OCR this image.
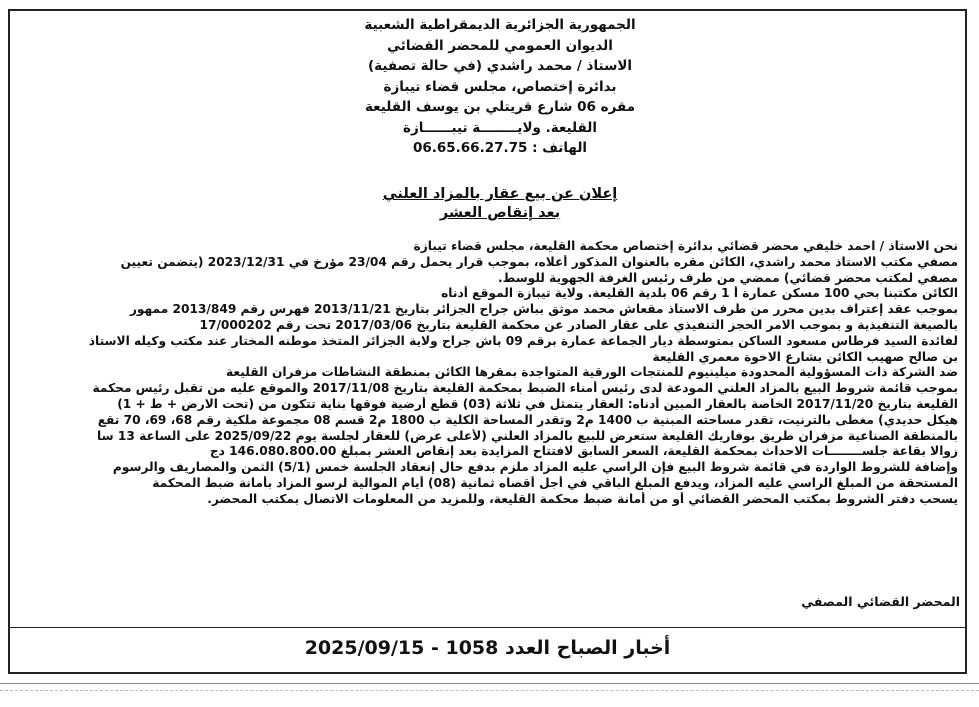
الجمهورية الجزائرية الديمقراطية الشعبية
الديوان العمومي للمحضر القضائي
الاستاذ / محمد راشدي (في حالة تصفية)
بدائرة إختصاص، مجلس قضاء تيبازة
مقره 06 شارع قريتلي بن يوسف القليعة
القليعة. ولايــــــــة تيبــــــازة
الهاتف : 06.65.66.27.75
إعلان عن بيع عقار بالمزاد العلني
بعد إنقاص العشر
نحن الاستاذ / احمد خليفي محضر قضائي بدائرة إختصاص محكمة القليعة، مجلس قضاء تيبازة
مصفي مكتب الاستاذ محمد راشدي، الكائن مقره بالعنوان المذكور أعلاه، بموجب قرار يحمل رقم 23/04 مؤرخ في 2023/12/31 (يتضمن تعيين
مصفي لمكتب محضر قضائي) ممضي من طرف رئيس الغرفة الجهوية للوسط.
الكائن مكتبنا بحي 100 مسكن عمارة أ 1 رقم 06 بلدية القليعة. ولاية تيبازة الموقع أدناه
بموجب عقد إعتراف بدين محرر من طرف الاستاذ مقعاش محمد موثق بباش جراح الجزائر بتاريخ 2013/11/21 فهرس رقم 2013/849 ممهور
بالصيغة التنفيذية و بموجب الامر الحجز التنفيذي على عقار الصادر عن محكمة القليعة بتاريخ 2017/03/06 تحت رقم 17/000202
لفائدة السيد فرطاس مسعود الساكن بمتوسطة ديار الجماعة عمارة برقم 09 باش جراح ولاية الجزائر المتخذ موطنه المختار عند مكتب وكيله الاستاذ
بن صالح صهيب الكائن بشارع الاخوة معمري القليعة
ضد الشركة ذات المسؤولية المحدودة ميلينيوم للمنتجات الورقية المتواجدة بمقرها الكائن بمنطقة النشاطات مزفران القليعة
بموجب قائمة شروط البيع بالمزاد العلني المودعة لدى رئيس أمناء الضبط بمحكمة القليعة بتاريخ 2017/11/08 والموقع عليه من تقبل رئيس محكمة
القليعة بتاريخ 2017/11/20 الخاصة بالعقار المبين أدناه: العقار يتمثل في ثلاثة (03) قطع أرضية فوقها بناية تتكون من (تحت الارض + ط + 1)
هيكل حديدي) مغطى بالترنيت، تقدر مساحته المبنية ب 1400 م2 وتقدر المساحة الكلية ب 1800 م2 قسم 08 مجموعة ملكية رقم 68، 69، 70 تقع
بالمنطقة الصناعية مزفران طريق بوفاريك القليعة ستعرض للبيع بالمزاد العلني (لأعلى عرض) للعقار لجلسة يوم 2025/09/22 على الساعة 13 سا
زوالا بقاعة جلســــــــات الاحداث بمحكمة القليعة، السعر السابق لافتتاح المزايدة بعد إنقاص العشر بمبلغ 146.080.800.00 دج
وإضافة للشروط الواردة في قائمة شروط البيع فإن الراسي عليه المزاد ملزم بدفع حال إنعقاد الجلسة خمس (5/1) الثمن والمصاريف والرسوم
المستحقة من المبلغ الراسي عليه المزاد، ويدفع المبلغ الباقي في أجل أقصاه ثمانية (08) أيام الموالية لرسو المزاد بأمانة ضبط المحكمة
يسحب دفتر الشروط بمكتب المحضر القضائي أو من أمانة ضبط محكمة القليعة، وللمزيد من المعلومات الاتصال بمكتب المحضر.
المحضر القضائي المصفي
أخبار الصباح العدد 1058 - 2025/09/15
